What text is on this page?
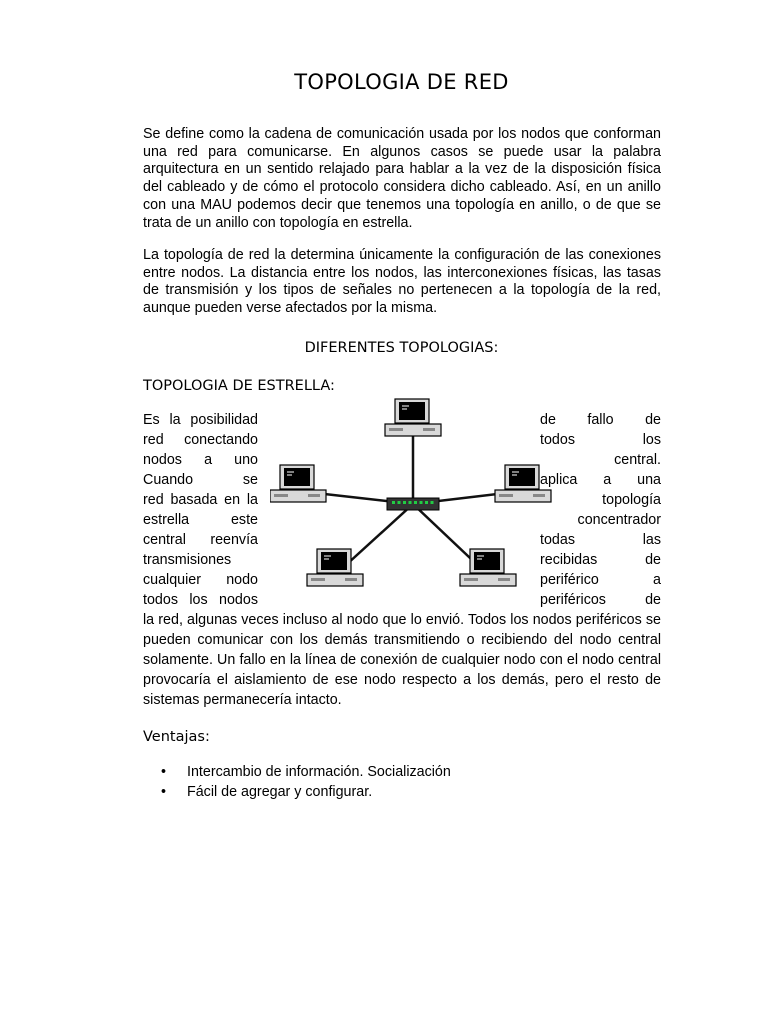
TOPOLOGIA DE RED

Se define como la cadena de comunicación usada por los nodos que conforman una red para comunicarse. En algunos casos se puede usar la palabra arquitectura en un sentido relajado para hablar a la vez de la disposición física del cableado y de cómo el protocolo considera dicho cableado. Así, en un anillo con una MAU podemos decir que tenemos una topología en anillo, o de que se trata de un anillo con topología en estrella.

La topología de red la determina únicamente la configuración de las conexiones entre nodos. La distancia entre los nodos, las interconexiones físicas, las tasas de transmisión y los tipos de señales no pertenecen a la topología de la red, aunque pueden verse afectados por la misma.

DIFERENTES TOPOLOGIAS:
TOPOLOGIA DE ESTRELLA:
Es la posibilidad
red conectando
nodos a uno
Cuando	se
red basada en la
estrella	este
central reenvía
transmisiones
cualquier nodo
todos los nodos
de fallo de
todos	los
central.
aplica a una
topología
concentrador
todas	las
recibidas	de
periférico	a
periféricos	de
la red, algunas veces incluso al nodo que lo envió. Todos los nodos periféricos se pueden comunicar con los demás transmitiendo o recibiendo del nodo central solamente. Un fallo en la línea de conexión de cualquier nodo con el nodo central provocaría el aislamiento de ese nodo respecto a los demás, pero el resto de sistemas permanecería intacto.
Ventajas:
• Intercambio de información. Socialización
• Fácil de agregar y configurar.
